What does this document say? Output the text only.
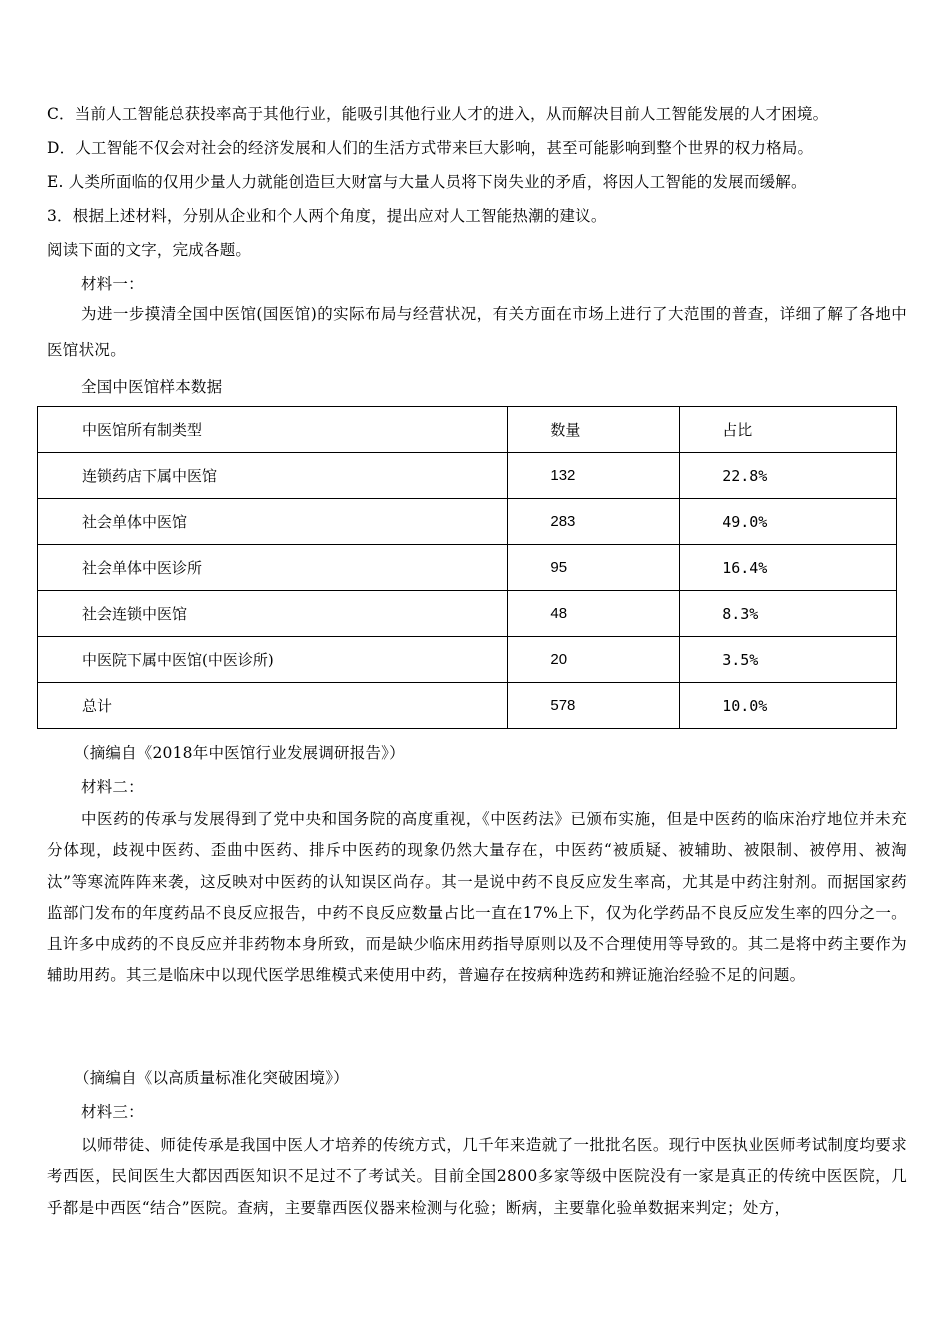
C．当前人工智能总获投率高于其他行业，能吸引其他行业人才的进入，从而解决目前人工智能发展的人才困境。
D．人工智能不仅会对社会的经济发展和人们的生活方式带来巨大影响，甚至可能影响到整个世界的权力格局。
E. 人类所面临的仅用少量人力就能创造巨大财富与大量人员将下岗失业的矛盾，将因人工智能的发展而缓解。
3．根据上述材料，分别从企业和个人两个角度，提出应对人工智能热潮的建议。
阅读下面的文字，完成各题。
材料一：
为进一步摸清全国中医馆(国医馆)的实际布局与经营状况，有关方面在市场上进行了大范围的普查，详细了解了各地中医馆状况。
全国中医馆样本数据
中医馆所有制类型	数量	占比
连锁药店下属中医馆	132	22.8%
社会单体中医馆	283	49.0%
社会单体中医诊所	95	16.4%
社会连锁中医馆	48	8.3%
中医院下属中医馆(中医诊所)	20	3.5%
总计	578	10.0%
（摘编自《2018年中医馆行业发展调研报告》）
材料二：
中医药的传承与发展得到了党中央和国务院的高度重视，《中医药法》已颁布实施，但是中医药的临床治疗地位并未充分体现，歧视中医药、歪曲中医药、排斥中医药的现象仍然大量存在，中医药“被质疑、被辅助、被限制、被停用、被淘汰”等寒流阵阵来袭，这反映对中医药的认知误区尚存。其一是说中药不良反应发生率高，尤其是中药注射剂。而据国家药监部门发布的年度药品不良反应报告，中药不良反应数量占比一直在17%上下，仅为化学药品不良反应发生率的四分之一。且许多中成药的不良反应并非药物本身所致，而是缺少临床用药指导原则以及不合理使用等导致的。其二是将中药主要作为辅助用药。其三是临床中以现代医学思维模式来使用中药，普遍存在按病种选药和辨证施治经验不足的问题。
（摘编自《以高质量标准化突破困境》）
材料三：
以师带徒、师徒传承是我国中医人才培养的传统方式，几千年来造就了一批批名医。现行中医执业医师考试制度均要求考西医，民间医生大都因西医知识不足过不了考试关。目前全国2800多家等级中医院没有一家是真正的传统中医医院，几乎都是中西医“结合”医院。查病，主要靠西医仪器来检测与化验；断病，主要靠化验单数据来判定；处方，
